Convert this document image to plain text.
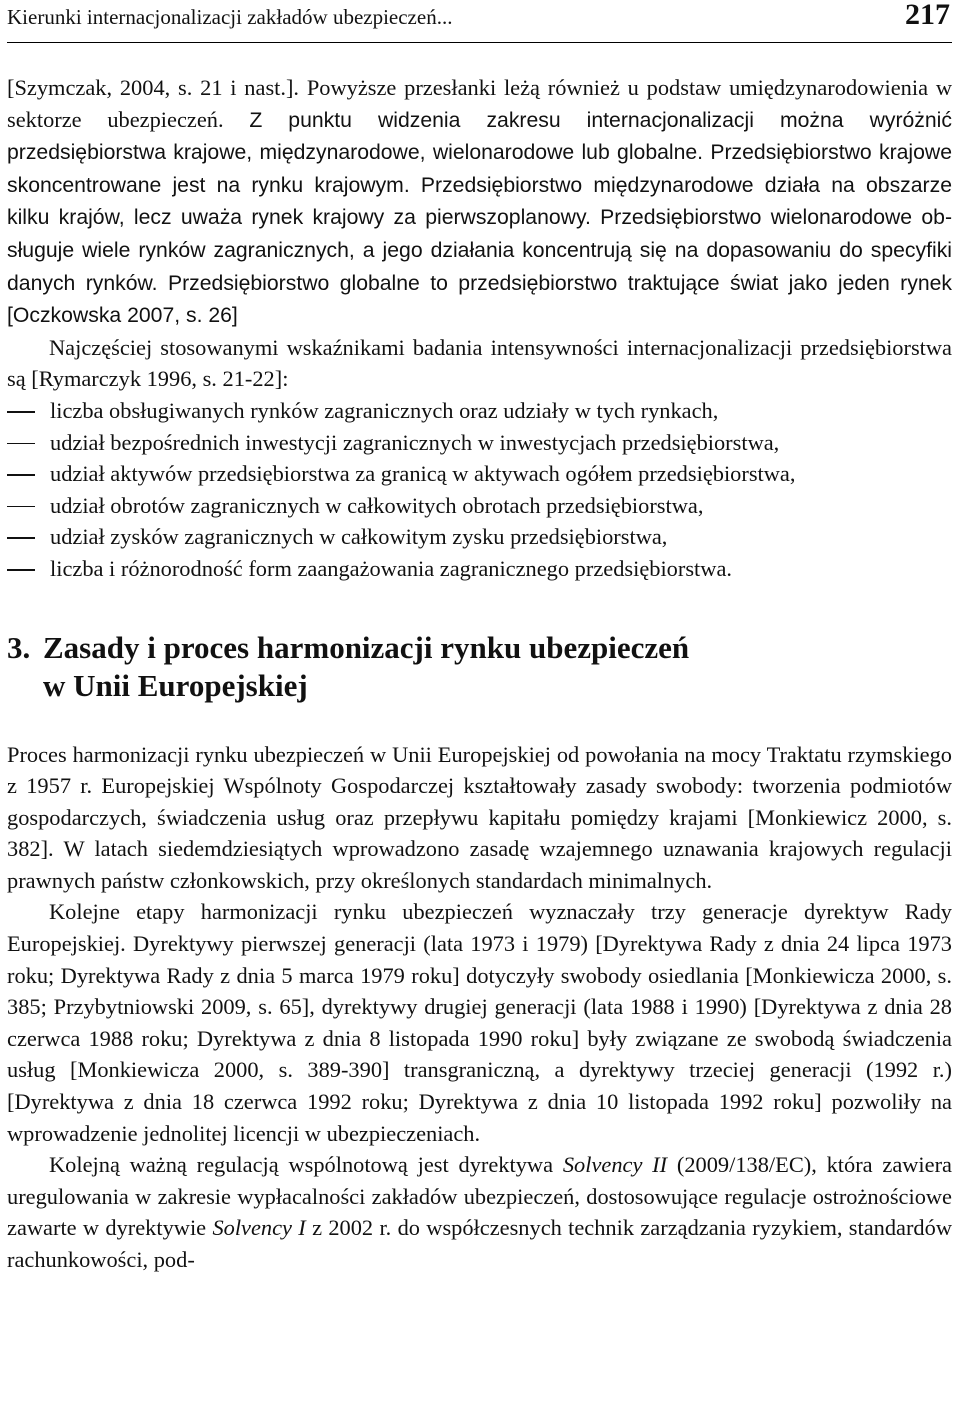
Kierunki internacjonalizacji zakładów ubezpieczeń...	217

[Szymczak, 2004, s. 21 i nast.]. Powyższe przesłanki leżą również u podstaw umiędzynarodowienia w sektorze ubezpieczeń. Z punktu widzenia zakresu internacjonalizacji można wyróżnić przedsiębiorstwa krajowe, międzynarodowe, wielonarodowe lub globalne. Przedsiębiorstwo krajowe skoncentrowane jest na rynku krajowym. Przedsiębiorstwo międzynarodowe działa na obszarze kilku krajów, lecz uważa rynek krajowy za pierwszoplanowy. Przedsiębiorstwo wielonarodowe obsługuje wiele rynków zagranicznych, a jego działania koncentrują się na dopasowaniu do specyfiki danych rynków. Przedsiębiorstwo globalne to przedsiębiorstwo traktujące świat jako jeden rynek [Oczkowska 2007, s. 26]

Najczęściej stosowanymi wskaźnikami badania intensywności internacjonalizacji przedsiębiorstwa są [Rymarczyk 1996, s. 21-22]:

liczba obsługiwanych rynków zagranicznych oraz udziały w tych rynkach,
udział bezpośrednich inwestycji zagranicznych w inwestycjach przedsiębiorstwa,
udział aktywów przedsiębiorstwa za granicą w aktywach ogółem przedsiębiorstwa,
udział obrotów zagranicznych w całkowitych obrotach przedsiębiorstwa,
udział zysków zagranicznych w całkowitym zysku przedsiębiorstwa,
liczba i różnorodność form zaangażowania zagranicznego przedsiębiorstwa.
3. Zasady i proces harmonizacji rynku ubezpieczeń
w Unii Europejskiej

Proces harmonizacji rynku ubezpieczeń w Unii Europejskiej od powołania na mocy Traktatu rzymskiego z 1957 r. Europejskiej Wspólnoty Gospodarczej kształtowały zasady swobody: tworzenia podmiotów gospodarczych, świadczenia usług oraz przepływu kapitału pomiędzy krajami [Monkiewicz 2000, s. 382]. W latach siedemdziesiątych wprowadzono zasadę wzajemnego uznawania krajowych regulacji prawnych państw członkowskich, przy określonych standardach minimalnych.

Kolejne etapy harmonizacji rynku ubezpieczeń wyznaczały trzy generacje dyrektyw Rady Europejskiej. Dyrektywy pierwszej generacji (lata 1973 i 1979) [Dyrektywa Rady z dnia 24 lipca 1973 roku; Dyrektywa Rady z dnia 5 marca 1979 roku] dotyczyły swobody osiedlania [Monkiewicza 2000, s. 385; Przybytniowski 2009, s. 65], dyrektywy drugiej generacji (lata 1988 i 1990) [Dyrektywa z dnia 28 czerwca 1988 roku; Dyrektywa z dnia 8 listopada 1990 roku] były związane ze swobodą świadczenia usług [Monkiewicza 2000, s. 389-390] transgraniczną, a dyrektywy trzeciej generacji (1992 r.) [Dyrektywa z dnia 18 czerwca 1992 roku; Dyrektywa z dnia 10 listopada 1992 roku] pozwoliły na wprowadzenie jednolitej licencji w ubezpieczeniach.

Kolejną ważną regulacją wspólnotową jest dyrektywa Solvency II (2009/138/EC), która zawiera uregulowania w zakresie wypłacalności zakładów ubezpieczeń, dostosowujące regulacje ostrożnościowe zawarte w dyrektywie Solvency I z 2002 r. do współczesnych technik zarządzania ryzykiem, standardów rachunkowości, pod-
